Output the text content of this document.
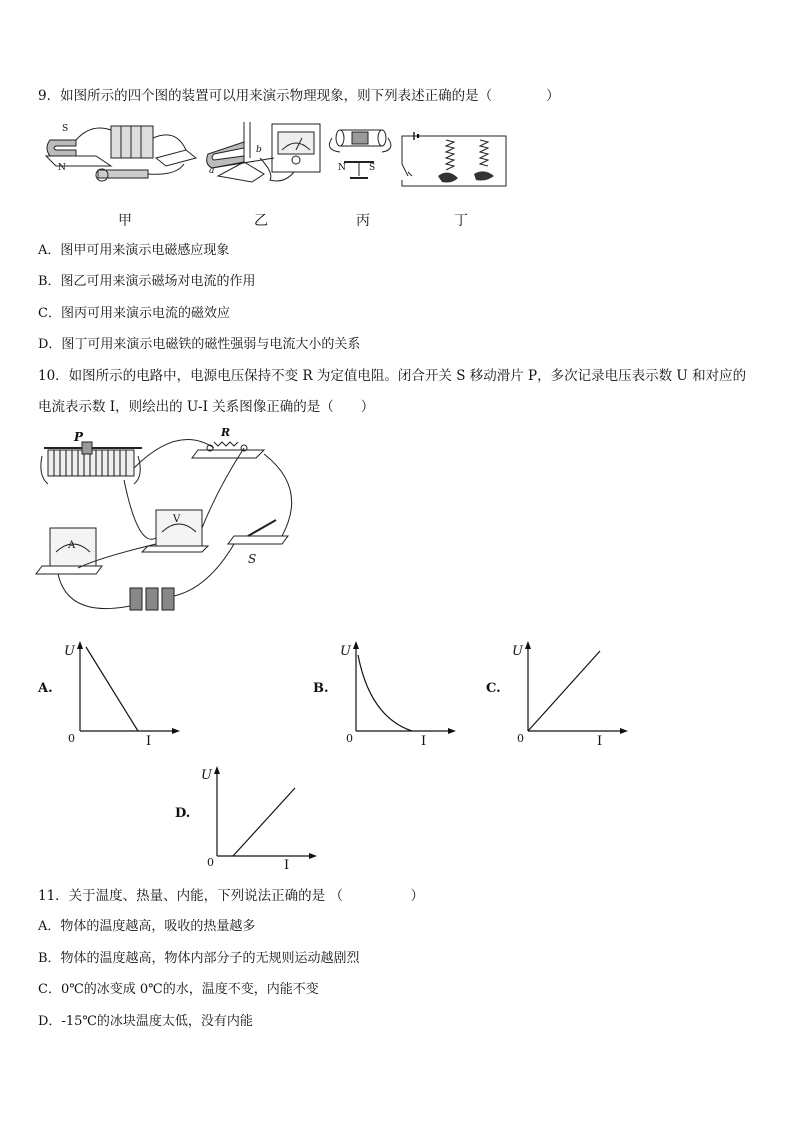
9．如图所示的四个图的装置可以用来演示物理现象，则下列表述正确的是（　　　　）
S
N	a
b
N	S
甲	乙	丙	丁
A．图甲可用来演示电磁感应现象
B．图乙可用来演示磁场对电流的作用
C．图丙可用来演示电流的磁效应
D．图丁可用来演示电磁铁的磁性强弱与电流大小的关系
10．如图所示的电路中，电源电压保持不变 R 为定值电阻。闭合开关 S 移动滑片 P，多次记录电压表示数 U 和对应的
电流表示数 I，则绘出的 U-I 关系图像正确的是（　　）
P	R
S
A
V
A.
U
0	I
B.
U
0	I
C.
U
0	I
D.
U
0	I
11．关于温度、热量、内能，下列说法正确的是 （　　　　　）
A．物体的温度越高，吸收的热量越多
B．物体的温度越高，物体内部分子的无规则运动越剧烈
C．0℃的冰变成 0℃的水，温度不变，内能不变
D．-15℃的冰块温度太低，没有内能
